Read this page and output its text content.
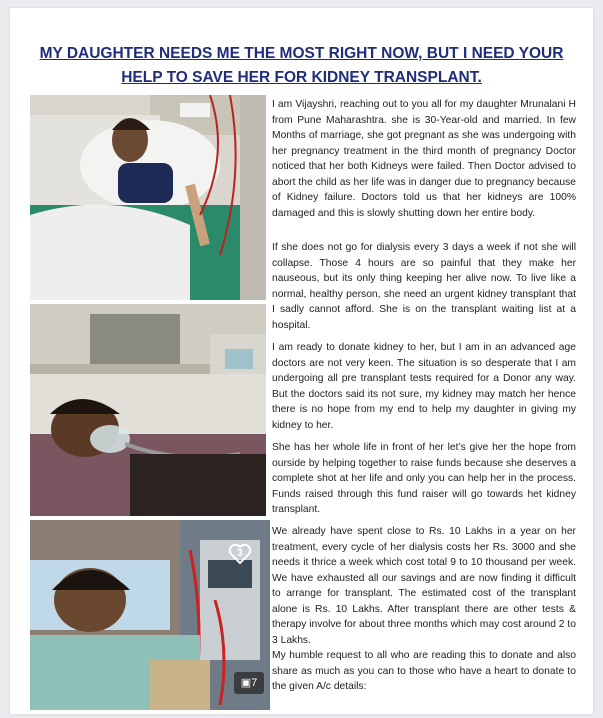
MY DAUGHTER NEEDS ME THE MOST RIGHT NOW, BUT I NEED YOUR
HELP TO SAVE HER FOR KIDNEY TRANSPLANT.
3
▣7

I am Vijayshri, reaching out to you all for my daughter Mrunalani H from Pune Maharashtra. she is 30-Year-old and married. In few Months of marriage, she got pregnant as she was undergoing with her pregnancy treatment in the third month of pregnancy Doctor noticed that her both Kidneys were failed. Then Doctor advised to abort the child as her life was in danger due to pregnancy because of Kidney failure. Doctors told us that her kidneys are 100% damaged and this is slowly shutting down her entire body.

If she does not go for dialysis every 3 days a week if not she will collapse. Those 4 hours are so painful that they make her nauseous, but its only thing keeping her alive now. To live like a normal, healthy person, she need an urgent kidney transplant that I sadly cannot afford. She is on the transplant waiting list at a hospital.

I am ready to donate kidney to her, but I am in an advanced age doctors are not very keen. The situation is so desperate that I am undergoing all pre transplant tests required for a Donor any way. But the doctors said its not sure, my kidney may match her hence there is no hope from my end to help my daughter in giving my kidney to her.

She has her whole life in front of her let’s give her the hope from ourside by helping together to raise funds because she deserves a complete shot at her life and only you can help her in the process. Funds raised through this fund raiser will go towards het kidney transplant.

We already have spent close to Rs. 10 Lakhs in a year on her treatment, every cycle of her dialysis costs her Rs. 3000 and she needs it thrice a week which cost total 9 to 10 thousand per week. We have exhausted all our savings and are now finding it difficult to arrange for transplant. The estimated cost of the transplant alone is Rs. 10 Lakhs. After transplant there are other tests & therapy involve for about three months which may cost around 2 to 3 Lakhs.

My humble request to all who are reading this to donate and also share as much as you can to those who have a heart to donate to the given A/c details:
